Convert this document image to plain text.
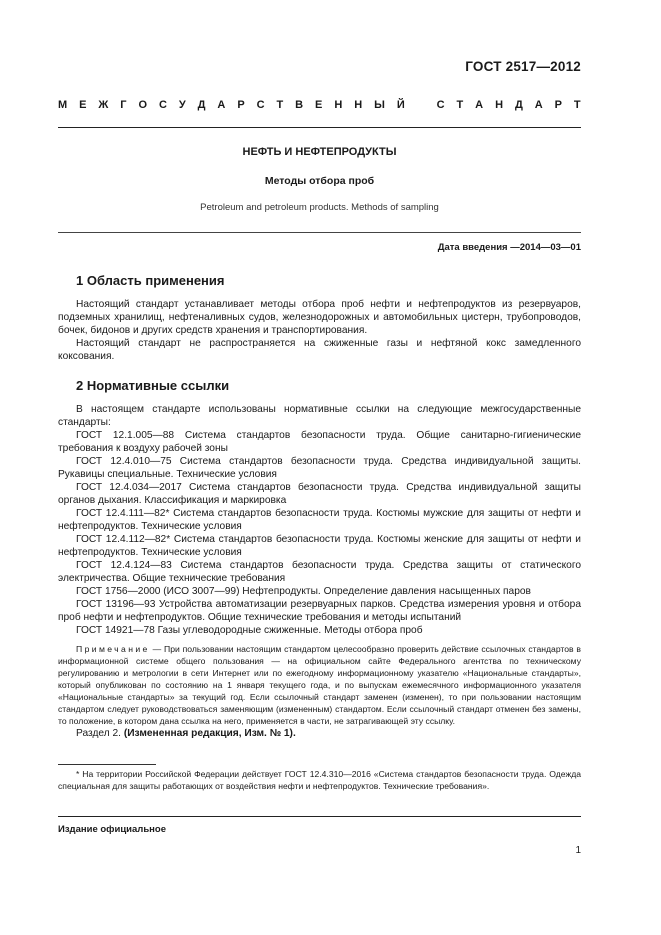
ГОСТ 2517—2012
М Е Ж Г О С У Д А Р С Т В Е Н Н Ы Й	С Т А Н Д А Р Т
НЕФТЬ И НЕФТЕПРОДУКТЫ
Методы отбора проб
Petroleum and petroleum products. Methods of sampling
Дата введения —2014—03—01
1 Область применения

Настоящий стандарт устанавливает методы отбора проб нефти и нефтепродуктов из резервуаров, подземных хранилищ, нефтеналивных судов, железнодорожных и автомобильных цистерн, трубопроводов, бочек, бидонов и других средств хранения и транспортирования.

Настоящий стандарт не распространяется на сжиженные газы и нефтяной кокс замедленного коксования.

2 Нормативные ссылки

В настоящем стандарте использованы нормативные ссылки на следующие межгосударственные стандарты:

ГОСТ 12.1.005—88 Система стандартов безопасности труда. Общие санитарно-гигиенические требования к воздуху рабочей зоны
ГОСТ 12.4.010—75 Система стандартов безопасности труда. Средства индивидуальной защиты. Рукавицы специальные. Технические условия
ГОСТ 12.4.034—2017 Система стандартов безопасности труда. Средства индивидуальной защиты органов дыхания. Классификация и маркировка
ГОСТ 12.4.111—82* Система стандартов безопасности труда. Костюмы мужские для защиты от нефти и нефтепродуктов. Технические условия
ГОСТ 12.4.112—82* Система стандартов безопасности труда. Костюмы женские для защиты от нефти и нефтепродуктов. Технические условия
ГОСТ 12.4.124—83 Система стандартов безопасности труда. Средства защиты от статического электричества. Общие технические требования
ГОСТ 1756—2000 (ИСО 3007—99) Нефтепродукты. Определение давления насыщенных паров
ГОСТ 13196—93 Устройства автоматизации резервуарных парков. Средства измерения уровня и отбора проб нефти и нефтепродуктов. Общие технические требования и методы испытаний
ГОСТ 14921—78 Газы углеводородные сжиженные. Методы отбора проб

Примечание — При пользовании настоящим стандартом целесообразно проверить действие ссылочных стандартов в информационной системе общего пользования — на официальном сайте Федерального агентства по техническому регулированию и метрологии в сети Интернет или по ежегодному информационному указателю «Национальные стандарты», который опубликован по состоянию на 1 января текущего года, и по выпускам ежемесячного информационного указателя «Национальные стандарты» за текущий год. Если ссылочный стандарт заменен (изменен), то при пользовании настоящим стандартом следует руководствоваться заменяющим (измененным) стандартом. Если ссылочный стандарт отменен без замены, то положение, в котором дана ссылка на него, применяется в части, не затрагивающей эту ссылку.

Раздел 2. (Измененная редакция, Изм. № 1).

* На территории Российской Федерации действует ГОСТ 12.4.310—2016 «Система стандартов безопасности труда. Одежда специальная для защиты работающих от воздействия нефти и нефтепродуктов. Технические требования».
Издание официальное
1
